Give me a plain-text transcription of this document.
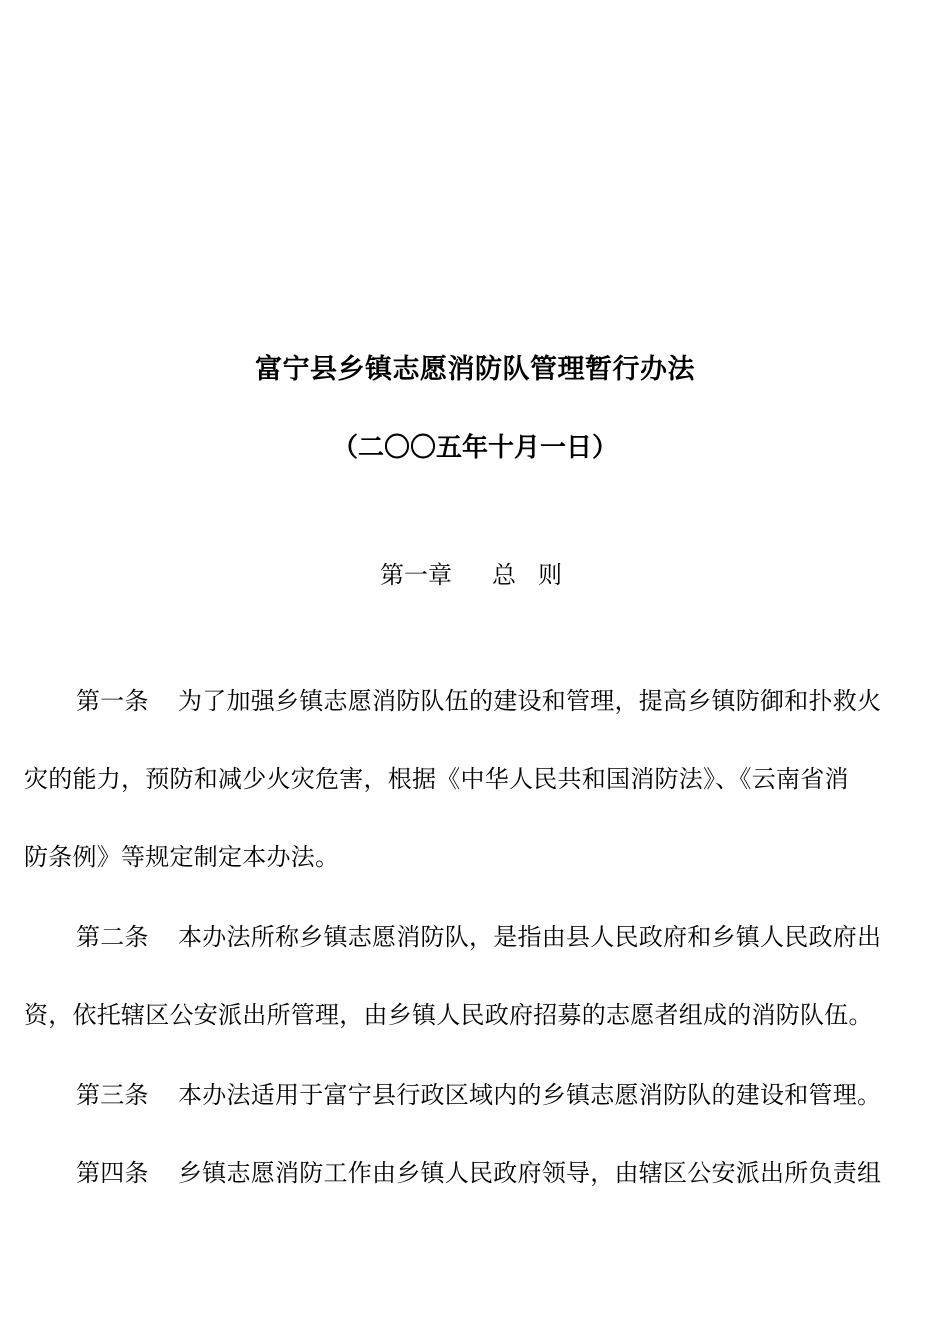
富宁县乡镇志愿消防队管理暂行办法
（二〇〇五年十月一日）
第一章 总则
第一条 为了加强乡镇志愿消防队伍的建设和管理，提高乡镇防御和扑救火
灾的能力，预防和减少火灾危害，根据《中华人民共和国消防法》、《云南省消
防条例》等规定制定本办法。
第二条 本办法所称乡镇志愿消防队，是指由县人民政府和乡镇人民政府出
资，依托辖区公安派出所管理，由乡镇人民政府招募的志愿者组成的消防队伍。
第三条 本办法适用于富宁县行政区域内的乡镇志愿消防队的建设和管理。
第四条 乡镇志愿消防工作由乡镇人民政府领导，由辖区公安派出所负责组
